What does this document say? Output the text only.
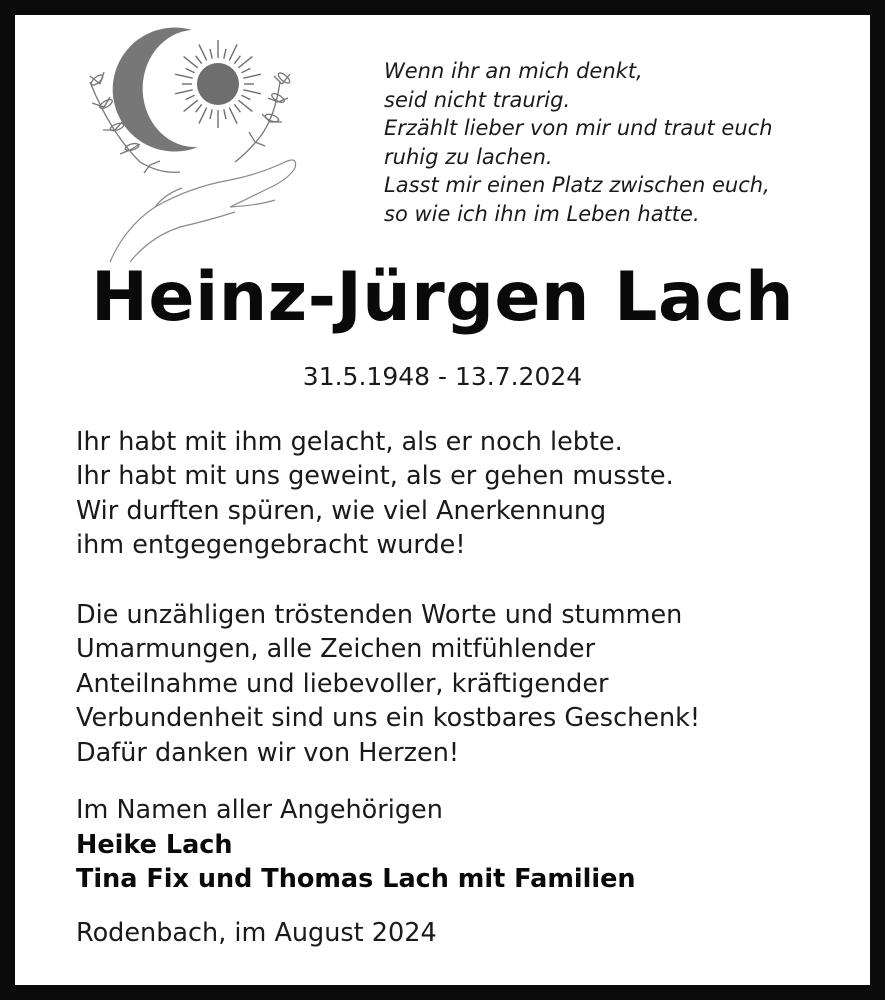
Wenn ihr an mich denkt,
seid nicht traurig.
Erzählt lieber von mir und traut euch
ruhig zu lachen.
Lasst mir einen Platz zwischen euch,
so wie ich ihn im Leben hatte.
Heinz-Jürgen Lach
31.5.1948 - 13.7.2024
Ihr habt mit ihm gelacht, als er noch lebte.
Ihr habt mit uns geweint, als er gehen musste.
Wir durften spüren, wie viel Anerkennung
ihm entgegengebracht wurde!
Die unzähligen tröstenden Worte und stummen
Umarmungen, alle Zeichen mitfühlender
Anteilnahme und liebevoller, kräftigender
Verbundenheit sind uns ein kostbares Geschenk!
Dafür danken wir von Herzen!
Im Namen aller Angehörigen
Heike Lach
Tina Fix und Thomas Lach mit Familien
Rodenbach, im August 2024
